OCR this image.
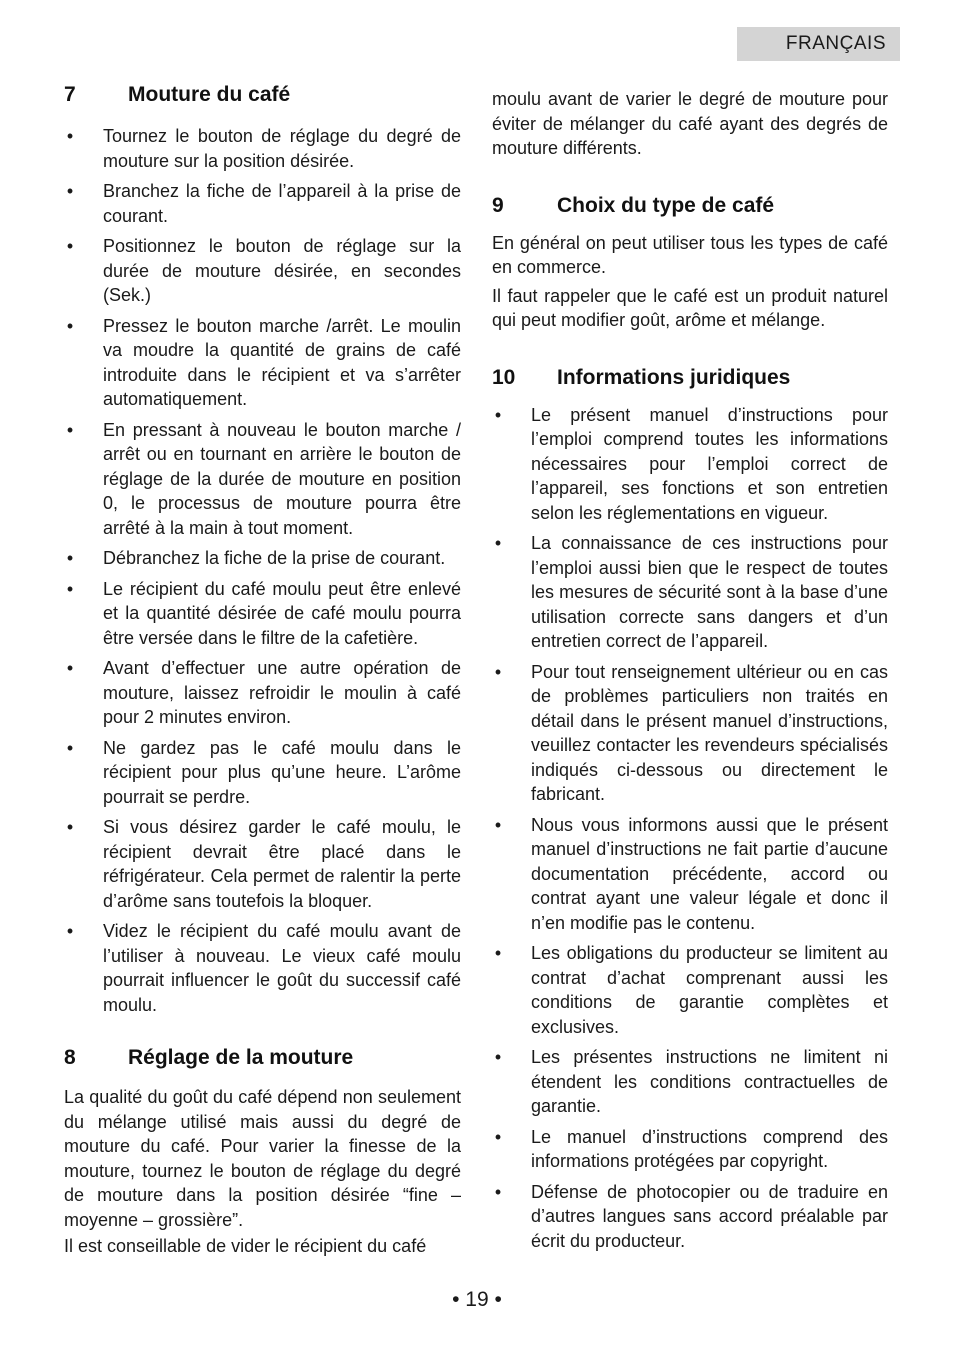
FRANÇAIS
7	Mouture du café
• Tournez le bouton de réglage du degré de mouture sur la position désirée.
• Branchez la fiche de l’appareil à la prise de courant.
• Positionnez le bouton de réglage sur la durée de mouture désirée, en secondes (Sek.)
• Pressez le bouton marche /arrêt. Le moulin va moudre la quantité de grains de café introduite dans le récipient et va s’arrêter automatiquement.
• En pressant à nouveau le bouton marche / arrêt ou en tournant en arrière le bouton de réglage de la durée de mouture en position 0, le processus de mouture pourra être arrêté à la main à tout moment.
• Débranchez la fiche de la prise de courant.
• Le récipient du café moulu peut être enlevé et la quantité désirée de café moulu pourra être versée dans le filtre de la cafetière.
• Avant d’effectuer une autre opération de mouture, laissez refroidir le moulin à café pour 2 minutes environ.
• Ne gardez pas le café moulu dans le récipient pour plus qu’une heure. L’arôme pourrait se perdre.
• Si vous désirez garder le café moulu, le récipient devrait être placé dans le réfrigérateur. Cela permet de ralentir la perte d’arôme sans toutefois la bloquer.
• Videz le récipient du café moulu avant de l’utiliser à nouveau. Le vieux café moulu pourrait influencer le goût du successif café moulu.
8	Réglage de la mouture

La qualité du goût du café dépend non seulement du mélange utilisé mais aussi du degré de mouture du café. Pour varier la finesse de la mouture, tournez le bouton de réglage du degré de mouture dans la position désirée “fine – moyenne – grossière”.

Il est conseillable de vider le récipient du café

moulu avant de varier le degré de mouture pour éviter de mélanger du café ayant des degrés de mouture différents.

9	Choix du type de café

En général on peut utiliser tous les types de café en commerce.

Il faut rappeler que le café est un produit naturel qui peut modifier goût, arôme et mélange.

10	Informations juridiques
• Le présent manuel d’instructions pour l’emploi comprend toutes les informations nécessaires pour l’emploi correct de l’appareil, ses fonctions et son entretien selon les réglementations en vigueur.
• La connaissance de ces instructions pour l’emploi aussi bien que le respect de toutes les mesures de sécurité sont à la base d’une utilisation correcte sans dangers et d’un entretien correct de l’appareil.
• Pour tout renseignement ultérieur ou en cas de problèmes particuliers non traités en détail dans le présent manuel d’instructions, veuillez contacter les revendeurs spécialisés indiqués ci-dessous ou directement le fabricant.
• Nous vous informons aussi que le présent manuel d’instructions ne fait partie d’aucune documentation précédente, accord ou contrat ayant une valeur légale et donc il n’en modifie pas le contenu.
• Les obligations du producteur se limitent au contrat d’achat comprenant aussi les conditions de garantie complètes et exclusives.
• Les présentes instructions ne limitent ni étendent les conditions contractuelles de garantie.
• Le manuel d’instructions comprend des informations protégées par copyright.
• Défense de photocopier ou de traduire en d’autres langues sans accord préalable par écrit du producteur.
• 19 •
